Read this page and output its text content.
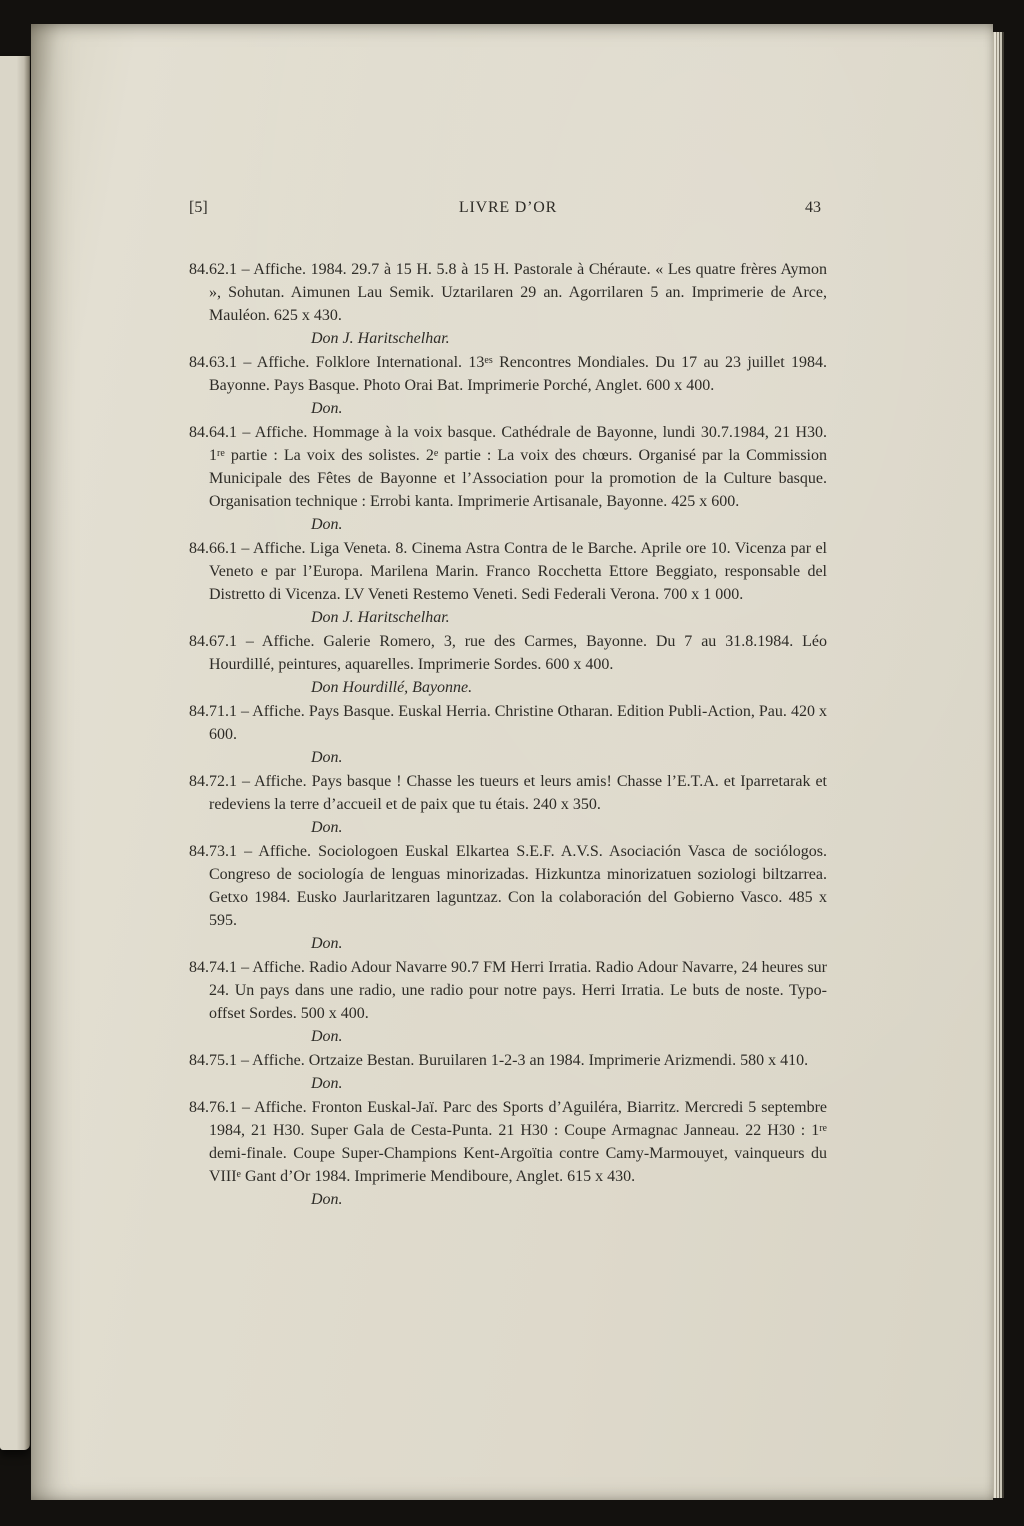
[5]	LIVRE D’OR	43

84.62.1 – Affiche. 1984. 29.7 à 15 H. 5.8 à 15 H. Pastorale à Chéraute. « Les quatre frères Aymon », Sohutan. Aimunen Lau Semik. Uztarilaren 29 an. Agorrilaren 5 an. Imprimerie de Arce, Mauléon. 625 x 430.

Don J. Haritschelhar.

84.63.1 – Affiche. Folklore International. $13^{es}$ Rencontres Mondiales. Du 17 au 23 juillet 1984. Bayonne. Pays Basque. Photo Orai Bat. Imprimerie Porché, Anglet. 600 x 400.

Don.

84.64.1 – Affiche. Hommage à la voix basque. Cathédrale de Bayonne, lundi 30.7.1984, 21 H30. 1re partie : La voix des solistes. 2e partie : La voix des chœurs. Organisé par la Commission Municipale des Fêtes de Bayonne et l’Association pour la promotion de la Culture basque. Organisation technique : Errobi kanta. Imprimerie Artisanale, Bayonne. 425 x 600.

Don.

84.66.1 – Affiche. Liga Veneta. 8. Cinema Astra Contra de le Barche. Aprile ore 10. Vicenza par el Veneto e par l’Europa. Marilena Marin. Franco Rocchetta Ettore Beggiato, responsable del Distretto di Vicenza. LV Veneti Restemo Veneti. Sedi Federali Verona. 700 x 1 000.

Don J. Haritschelhar.

84.67.1 – Affiche. Galerie Romero, 3, rue des Carmes, Bayonne. Du 7 au 31.8.1984. Léo Hourdillé, peintures, aquarelles. Imprimerie Sordes. 600 x 400.

Don Hourdillé, Bayonne.

84.71.1 – Affiche. Pays Basque. Euskal Herria. Christine Otharan. Edition Publi-Action, Pau. 420 x 600.

Don.

84.72.1 – Affiche. Pays basque ! Chasse les tueurs et leurs amis! Chasse l’E.T.A. et Iparretarak et redeviens la terre d’accueil et de paix que tu étais. 240 x 350.

Don.

84.73.1 – Affiche. Sociologoen Euskal Elkartea S.E.F. A.V.S. Asociación Vasca de sociólogos. Congreso de sociología de lenguas minorizadas. Hizkuntza minorizatuen soziologi biltzarrea. Getxo 1984. Eusko Jaurlaritzaren laguntzaz. Con la colaboración del Gobierno Vasco. 485 x 595.

Don.

84.74.1 – Affiche. Radio Adour Navarre 90.7 FM Herri Irratia. Radio Adour Navarre, 24 heures sur 24. Un pays dans une radio, une radio pour notre pays. Herri Irratia. Le buts de noste. Typo-offset Sordes. 500 x 400.

Don.

84.75.1 – Affiche. Ortzaize Bestan. Buruilaren 1-2-3 an 1984. Imprimerie Arizmendi. 580 x 410.

Don.

84.76.1 – Affiche. Fronton Euskal-Jaï. Parc des Sports d’Aguiléra, Biarritz. Mercredi 5 septembre 1984, 21 H30. Super Gala de Cesta-Punta. 21 H30 : Coupe Armagnac Janneau. 22 H30 : 1re demi-finale. Coupe Super-Champions Kent-Argoïtia contre Camy-Marmouyet, vainqueurs du VIIIe Gant d’Or 1984. Imprimerie Mendiboure, Anglet. 615 x 430.

Don.
